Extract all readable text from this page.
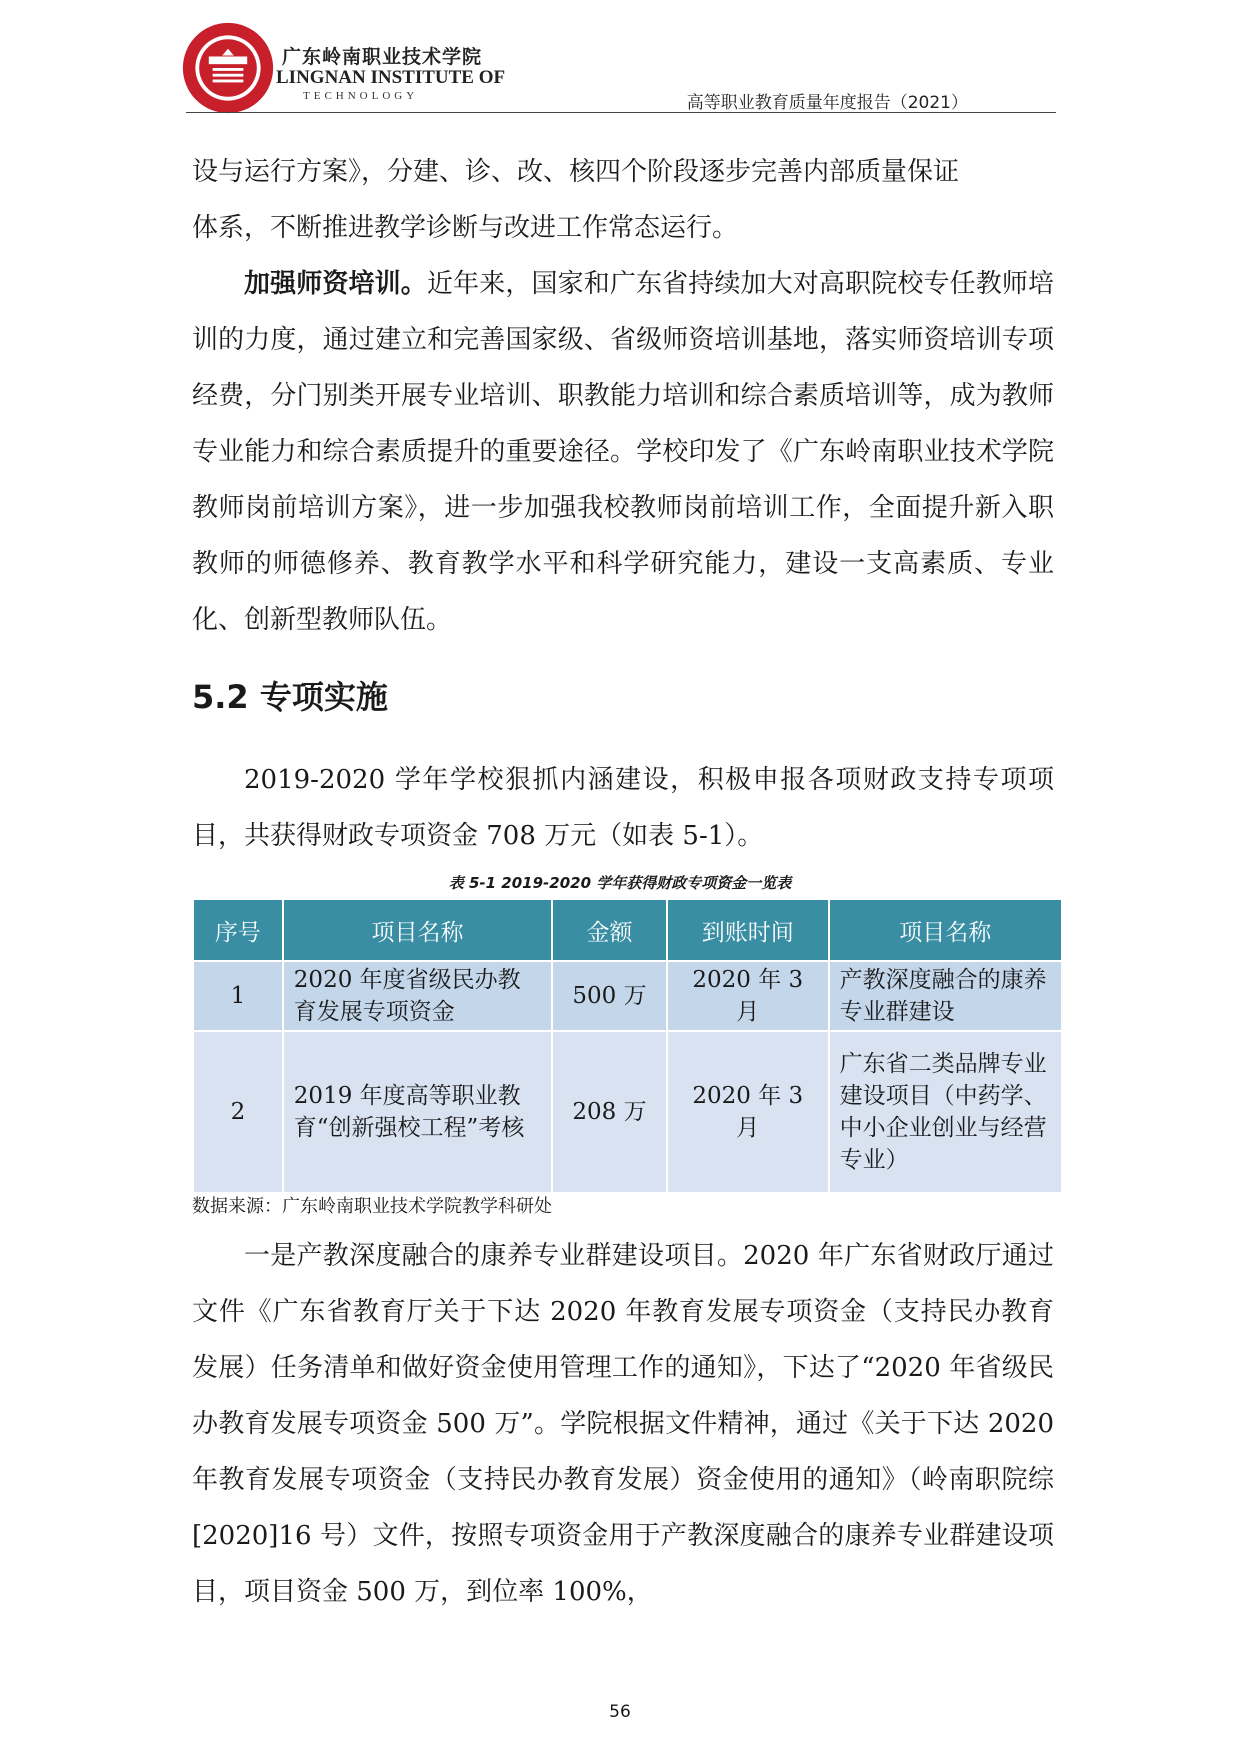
广东岭南职业技术学院
LINGNAN INSTITUTE OF
TECHNOLOGY	高等职业教育质量年度报告（2021）

设与运行方案》，分建、诊、改、核四个阶段逐步完善内部质量保证
体系，不断推进教学诊断与改进工作常态运行。

加强师资培训。近年来，国家和广东省持续加大对高职院校专任教师培训的力度，通过建立和完善国家级、省级师资培训基地，落实师资培训专项经费，分门别类开展专业培训、职教能力培训和综合素质培训等，成为教师专业能力和综合素质提升的重要途径。学校印发了《广东岭南职业技术学院教师岗前培训方案》，进一步加强我校教师岗前培训工作，全面提升新入职教师的师德修养、教育教学水平和科学研究能力，建设一支高素质、专业化、创新型教师队伍。

5.2 专项实施

2019-2020 学年学校狠抓内涵建设，积极申报各项财政支持专项项目，共获得财政专项资金 708 万元（如表 5-1）。

表 5-1 2019-2020 学年获得财政专项资金一览表
序号	项目名称	金额	到账时间	项目名称
1	2020 年度省级民办教育发展专项资金	500 万	2020 年 3 月	产教深度融合的康养专业群建设
2	2019 年度高等职业教育“创新强校工程”考核	208 万	2020 年 3 月	广东省二类品牌专业建设项目（中药学、中小企业创业与经营专业）
数据来源：广东岭南职业技术学院教学科研处

一是产教深度融合的康养专业群建设项目。2020 年广东省财政厅通过文件《广东省教育厅关于下达 2020 年教育发展专项资金（支持民办教育发展）任务清单和做好资金使用管理工作的通知》，下达了“2020 年省级民办教育发展专项资金 500 万”。学院根据文件精神，通过《关于下达 2020 年教育发展专项资金（支持民办教育发展）资金使用的通知》（岭南职院综[2020]16 号）文件，按照专项资金用于产教深度融合的康养专业群建设项目，项目资金 500 万，到位率 100%，

56
